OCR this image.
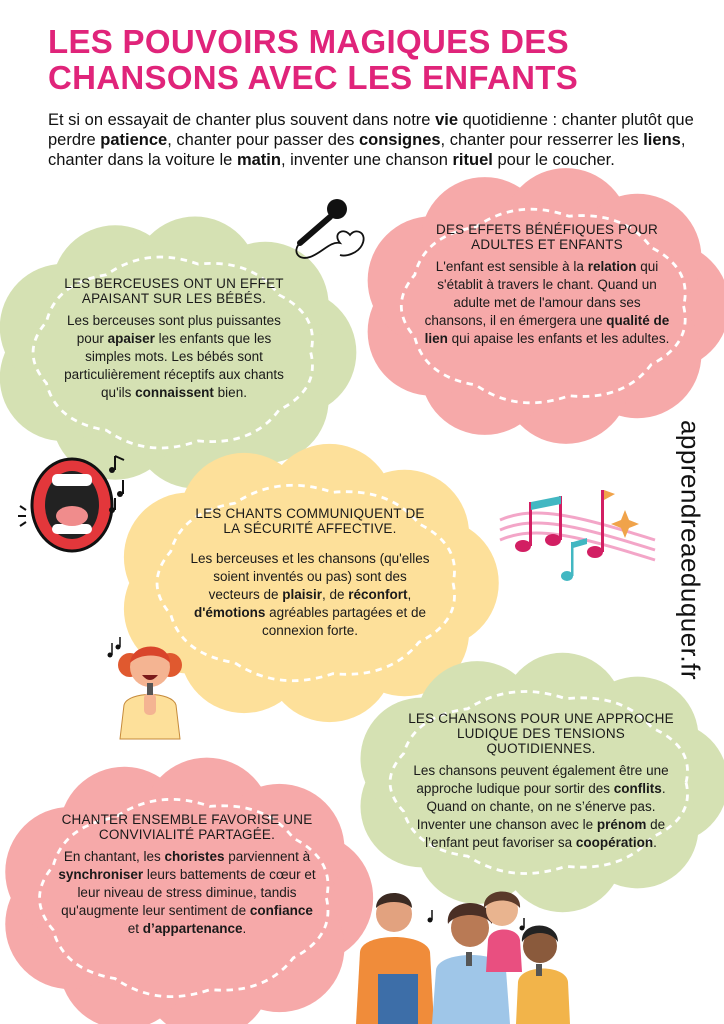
LES POUVOIRS MAGIQUES DES CHANSONS AVEC LES ENFANTS

Et si on essayait de chanter plus souvent dans notre vie quotidienne : chanter plutôt que perdre patience, chanter pour passer des consignes, chanter pour resserrer les liens, chanter dans la voiture le matin, inventer une chanson rituel pour le coucher.

LES BERCEUSES ONT UN EFFET APAISANT SUR LES BÉBÉS.
Les berceuses sont plus puissantes pour apaiser les enfants que les simples mots. Les bébés sont particulièrement réceptifs aux chants qu'ils connaissent bien.
DES EFFETS BÉNÉFIQUES POUR ADULTES ET ENFANTS
L'enfant est sensible à la relation qui s'établit à travers le chant. Quand un adulte met de l'amour dans ses chansons, il en émergera une qualité de lien qui apaise les enfants et les adultes.
LES CHANTS COMMUNIQUENT DE LA SÉCURITÉ AFFECTIVE.
Les berceuses et les chansons (qu'elles soient inventés ou pas) sont des vecteurs de plaisir, de réconfort, d'émotions agréables partagées et de connexion forte.
LES CHANSONS POUR UNE APPROCHE LUDIQUE DES TENSIONS QUOTIDIENNES.
Les chansons peuvent également être une approche ludique pour sortir des conflits. Quand on chante, on ne s’énerve pas. Inventer une chanson avec le prénom de l’enfant peut favoriser sa coopération.
CHANTER ENSEMBLE FAVORISE UNE CONVIVIALITÉ PARTAGÉE.
En chantant, les choristes parviennent à synchroniser leurs battements de cœur et leur niveau de stress diminue, tandis qu'augmente leur sentiment de confiance et d’appartenance.
apprendreaeduquer.fr
